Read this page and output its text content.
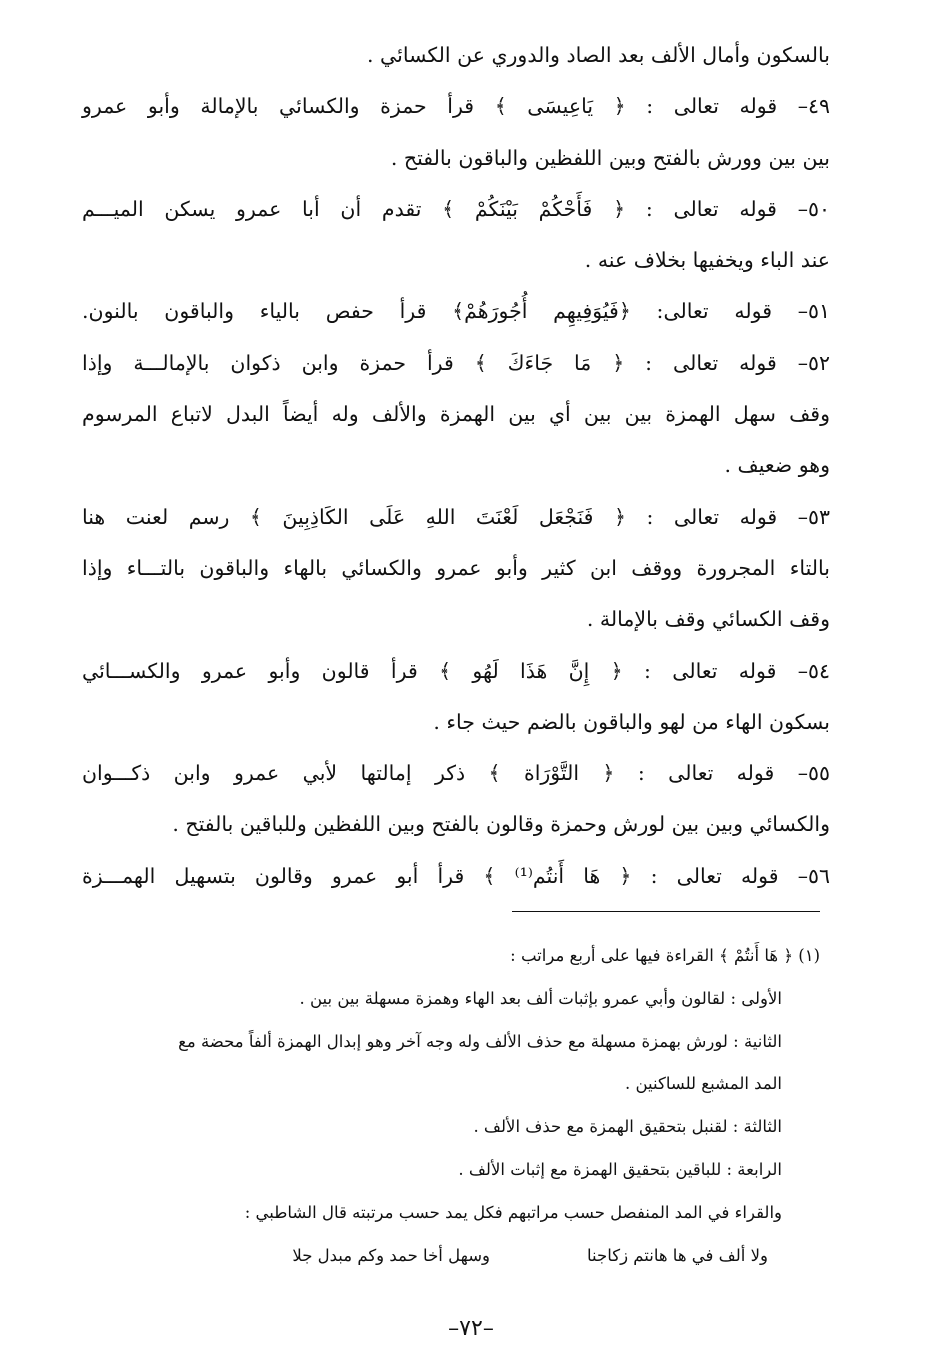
بالسكون وأمال الألف بعد الصاد والدوري عن الكسائي .
٤٩– قوله تعالى : ﴿ يَاعِيسَى ﴾ قرأ حمزة والكسائي بالإمالة وأبو عمرو
بين بين وورش بالفتح وبين اللفظين والباقون بالفتح .
٥٠– قوله تعالى : ﴿ فَأَحْكُمْ بَيْنَكُمْ ﴾ تقدم أن أبا عمرو يسكن الميـــم
عند الباء ويخفيها بخلاف عنه .
٥١– قوله تعالى: ﴿فَيُوَفِيهِم أُجُورَهُمْ﴾ قرأ حفص بالياء والباقون بالنون.
٥٢– قوله تعالى : ﴿ مَا جَاءَكَ ﴾ قرأ حمزة وابن ذكوان بالإمالـــة وإذا
وقف سهل الهمزة بين بين أي بين الهمزة والألف وله أيضاً البدل لاتباع المرسوم
وهو ضعيف .
٥٣– قوله تعالى : ﴿ فَنَجْعَل لَعْنَتَ اللهِ عَلَى الكَاذِبِينَ ﴾ رسم لعنت هنا
بالتاء المجرورة ووقف ابن كثير وأبو عمرو والكسائي بالهاء والباقون بالتـــاء وإذا
وقف الكسائي وقف بالإمالة .
٥٤– قوله تعالى : ﴿ إِنَّ هَذَا لَهُو ﴾ قرأ قالون وأبو عمرو والكســـائي
بسكون الهاء من لهو والباقون بالضم حيث جاء .
٥٥– قوله تعالى : ﴿ التَّوْرَاة ﴾ ذكر إمالتها لأبي عمرو وابن ذكـــوان
والكسائي وبين بين لورش وحمزة وقالون بالفتح وبين اللفظين وللباقين بالفتح .
٥٦– قوله تعالى : ﴿ هَا أَنتُم⁽¹⁾ ﴾ قرأ أبو عمرو وقالون بتسهيل الهمـــزة
(١) ﴿ هَا أَنتُمْ ﴾ القراءة فيها على أربع مراتب :
الأولى : لقالون وأبي عمرو بإثبات ألف بعد الهاء وهمزة مسهلة بين بين .
الثانية : لورش بهمزة مسهلة مع حذف الألف وله وجه آخر وهو إبدال الهمزة ألفاً محضة مع
المد المشبع للساكنين .
الثالثة : لقنبل بتحقيق الهمزة مع حذف الألف .
الرابعة : للباقين بتحقيق الهمزة مع إثبات الألف .
والقراء في المد المنفصل حسب مراتبهم فكل يمد حسب مرتبته قال الشاطبي :
ولا ألف في ها هانتم زكاجنا
وسهل أخا حمد وكم مبدل جلا
–٧٢–
